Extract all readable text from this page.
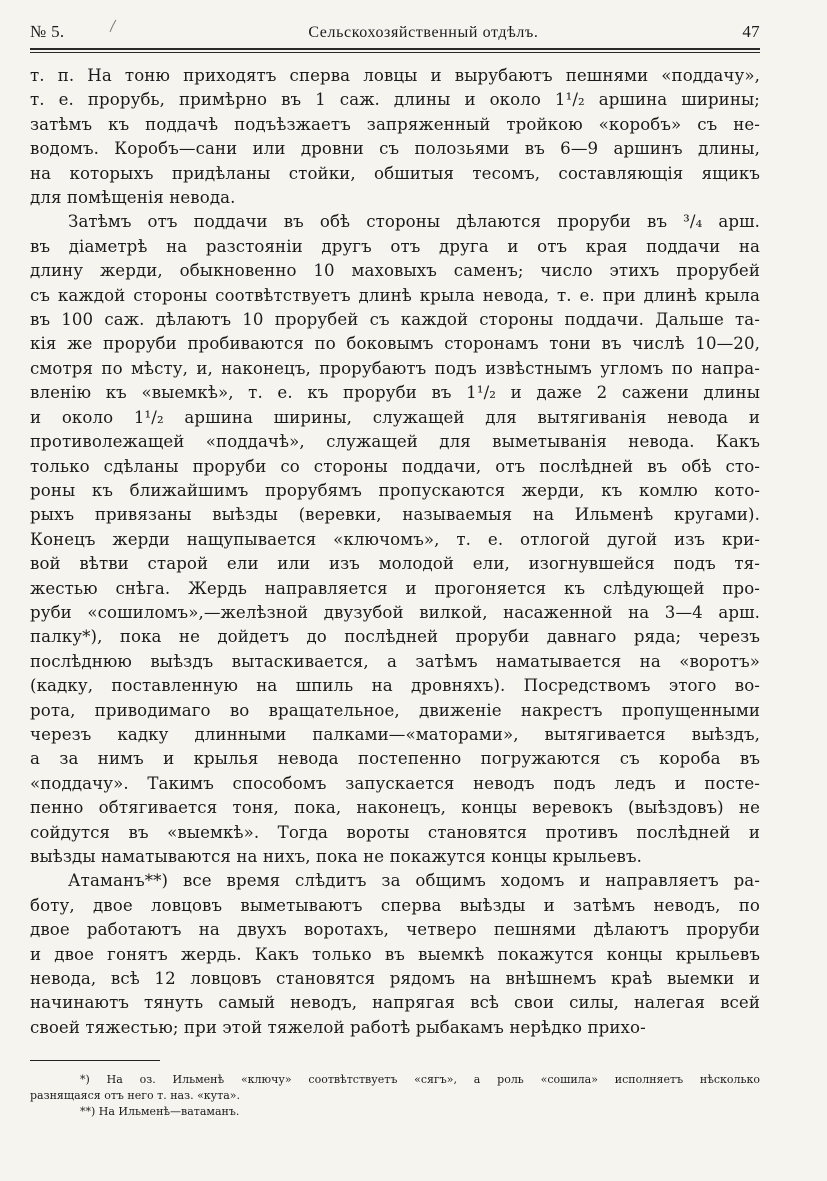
№ 5.	Сельскохозяйственный отдѣлъ.	47
т. п. На тоню приходятъ сперва ловцы и вырубаютъ пешнями «поддачу»,
т. е. прорубь, примѣрно въ 1 саж. длины и около 1¹/₂ аршина ширины;
затѣмъ къ поддачѣ подъѣзжаетъ запряженный тройкою «коробъ» съ не-
водомъ. Коробъ—сани или дровни съ полозьями въ 6—9 аршинъ длины,
на которыхъ придѣланы стойки, обшитыя тесомъ, составляющія ящикъ
для помѣщенія невода.
Затѣмъ отъ поддачи въ обѣ стороны дѣлаются проруби въ ³/₄ арш.
въ діаметрѣ на разстояніи другъ отъ друга и отъ края поддачи на
длину жерди, обыкновенно 10 маховыхъ саменъ; число этихъ прорубей
съ каждой стороны соотвѣтствуетъ длинѣ крыла невода, т. е. при длинѣ крыла
въ 100 саж. дѣлаютъ 10 прорубей съ каждой стороны поддачи. Дальше та-
кія же проруби пробиваются по боковымъ сторонамъ тони въ числѣ 10—20,
смотря по мѣсту, и, наконецъ, прорубаютъ подъ извѣстнымъ угломъ по напра-
вленію къ «выемкѣ», т. е. къ проруби въ 1¹/₂ и даже 2 сажени длины
и около 1¹/₂ аршина ширины, служащей для вытягиванія невода и
противолежащей «поддачѣ», служащей для выметыванія невода. Какъ
только сдѣланы проруби со стороны поддачи, отъ послѣдней въ обѣ сто-
роны къ ближайшимъ прорубямъ пропускаются жерди, къ комлю кото-
рыхъ привязаны выѣзды (веревки, называемыя на Ильменѣ кругами).
Конецъ жерди нащупывается «ключомъ», т. е. отлогой дугой изъ кри-
вой вѣтви старой ели или изъ молодой ели, изогнувшейся подъ тя-
жестью снѣга. Жердь направляется и прогоняется къ слѣдующей про-
руби «сошиломъ»,—желѣзной двузубой вилкой, насаженной на 3—4 арш.
палку*), пока не дойдетъ до послѣдней проруби давнаго ряда; черезъ
послѣднюю выѣздъ вытаскивается, а затѣмъ наматывается на «воротъ»
(кадку, поставленную на шпиль на дровняхъ). Посредствомъ этого во-
рота, приводимаго во вращательное, движеніе накрестъ пропущенными
черезъ кадку длинными палками—«маторами», вытягивается выѣздъ,
а за нимъ и крылья невода постепенно погружаются съ короба въ
«поддачу». Такимъ способомъ запускается неводъ подъ ледъ и посте-
пенно обтягивается тоня, пока, наконецъ, концы веревокъ (выѣздовъ) не
сойдутся въ «выемкѣ». Тогда вороты становятся противъ послѣдней и
выѣзды наматываются на нихъ, пока не покажутся концы крыльевъ.
Атаманъ**) все время слѣдитъ за общимъ ходомъ и направляетъ ра-
боту, двое ловцовъ выметываютъ сперва выѣзды и затѣмъ неводъ, по
двое работаютъ на двухъ воротахъ, четверо пешнями дѣлаютъ проруби
и двое гонятъ жердь. Какъ только въ выемкѣ покажутся концы крыльевъ
невода, всѣ 12 ловцовъ становятся рядомъ на внѣшнемъ краѣ выемки и
начинаютъ тянуть самый неводъ, напрягая всѣ свои силы, налегая всей
своей тяжестью; при этой тяжелой работѣ рыбакамъ нерѣдко прихо-
*) На оз. Ильменѣ «ключу» соотвѣтствуетъ «сягъ», а роль «сошила» исполняетъ нѣсколько
разнящаяся отъ него т. наз. «кута».
**) На Ильменѣ—ватаманъ.
